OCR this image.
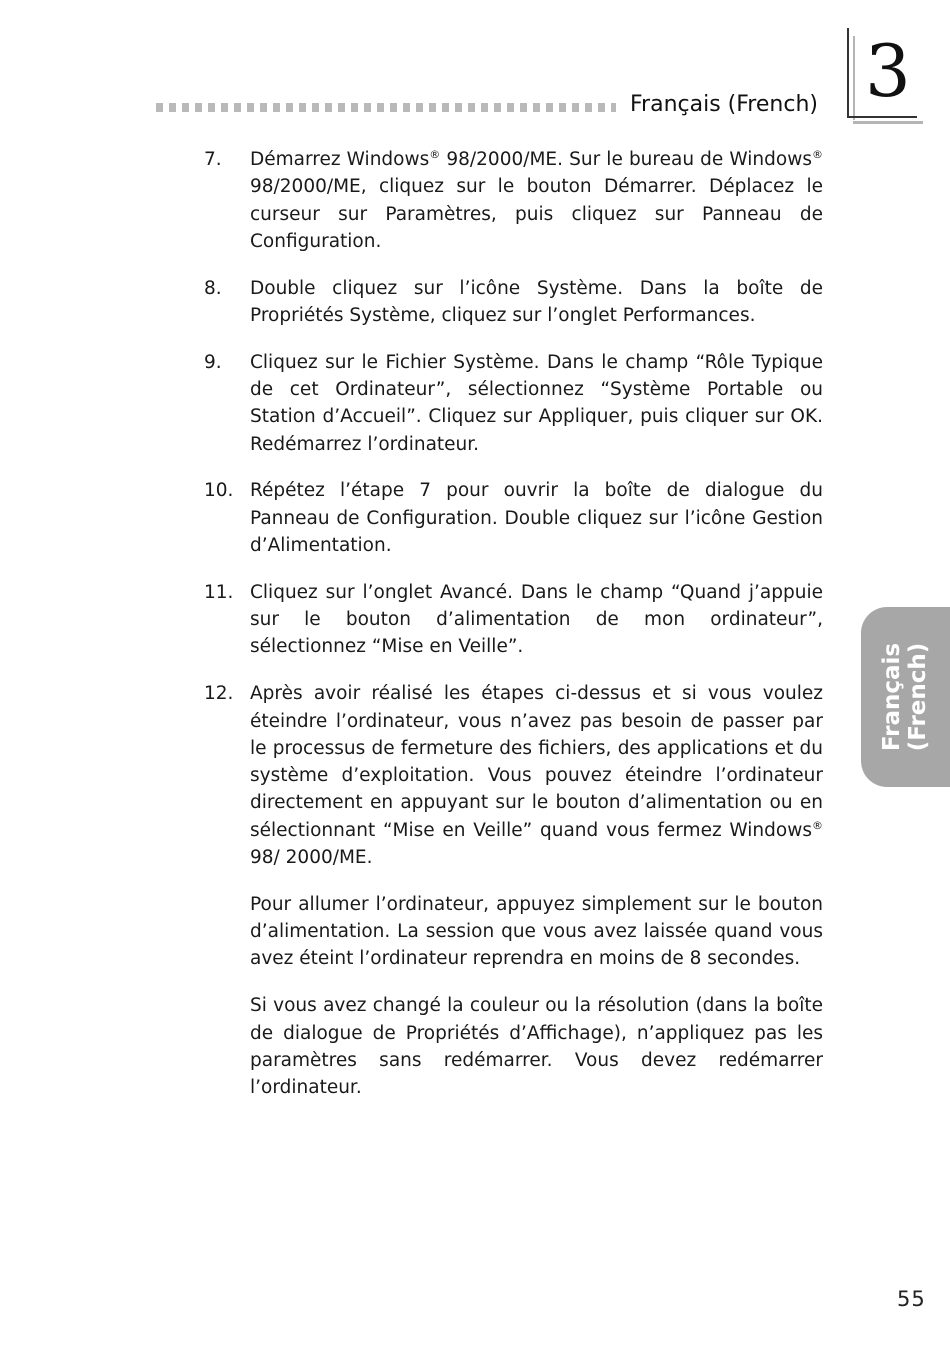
Français (French) 3
Français (French)
7.	Démarrez Windows® 98/2000/ME. Sur le bureau de Windows® 98/2000/ME, cliquez sur le bouton Démarrer. Déplacez le curseur sur Paramètres, puis cliquez sur Panneau de Configuration.
8.	Double cliquez sur l’icône Système. Dans la boîte de Propriétés Système, cliquez sur l’onglet Performances.
9.	Cliquez sur le Fichier Système. Dans le champ “Rôle Typique de cet Ordinateur”, sélectionnez “Système Portable ou Station d’Accueil”. Cliquez sur Appliquer, puis cliquer sur OK. Redémarrez l’ordinateur.
10. Répétez l’étape 7 pour ouvrir la boîte de dialogue du Panneau de Configuration. Double cliquez sur l’icône Gestion d’Alimentation.
11. Cliquez sur l’onglet Avancé. Dans le champ “Quand j’appuie sur le bouton d’alimentation de mon ordinateur”, sélectionnez “Mise en Veille”.
12. Après avoir réalisé les étapes ci-dessus et si vous voulez éteindre l’ordinateur, vous n’avez pas besoin de passer par le processus de fermeture des fichiers, des applications et du système d’exploitation. Vous pouvez éteindre l’ordinateur directement en appuyant sur le bouton d’alimentation ou en sélectionnant “Mise en Veille” quand vous fermez Windows® 98/ 2000/ME.
Pour allumer l’ordinateur, appuyez simplement sur le bouton d’alimentation. La session que vous avez laissée quand vous avez éteint l’ordinateur reprendra en moins de 8 secondes.
Si vous avez changé la couleur ou la résolution (dans la boîte de dialogue de Propriétés d’Affichage), n’appliquez pas les paramètres sans redémarrer. Vous devez redémarrer l’ordinateur.
55
